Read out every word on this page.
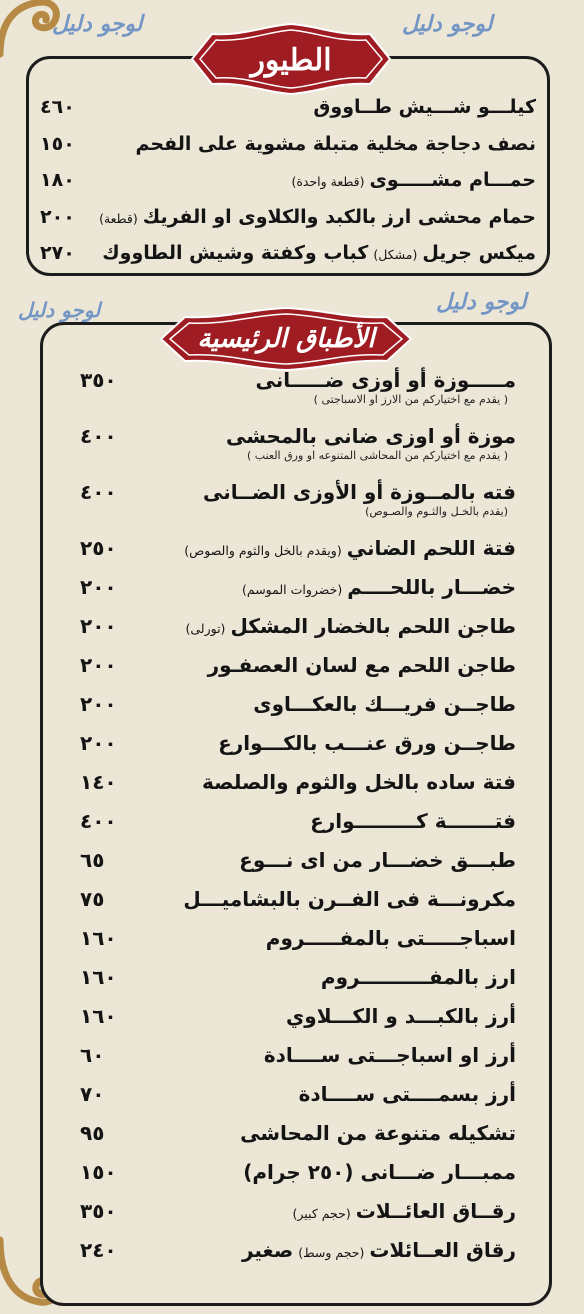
لوجو دليل
لوجو دليل
لوجو دليل
لوجو دليل
الطيور
كيلـــو شـــيش طــاووق
٤٦٠
نصف دجاجة مخلية متبلة مشوية على الفحم
١٥٠
حمـــام مشـــــوى
(قطعة واحدة)
١٨٠
حمام محشى ارز بالكبد والكلاوى او الفريك
(قطعة)
٢٠٠
ميكس جريل
(مشكل)
كباب وكفتة وشيش الطاووك
٢٧٠
الأطباق الرئيسية
مـــــوزة أو أوزى ضـــــانى
( يقدم مع اختياركم من الارز او الاسباجتى )
٣٥٠
موزة أو اوزى ضانى بالمحشى
( يقدم مع اختياركم من المحاشى المتنوعه او ورق العنب )
٤٠٠
فته بالمــوزة أو الأوزى الضــانى
(يقدم بالخـل والثـوم والصـوص)
٤٠٠
فتة اللحم الضاني
(ويقدم بالخل والثوم والصوص)
٢٥٠
خضـــار باللحــــم
(خضروات الموسم)
٢٠٠
طاجن اللحم بالخضار المشكل
(تورلى)
٢٠٠
طاجن اللحم مع لسان العصفـور
٢٠٠
طاجــن فريـــك بالعكـــاوى
٢٠٠
طاجــن ورق عنـــب بالكـــوارع
٢٠٠
فتة ساده بالخل والثوم والصلصة
١٤٠
فتـــــــة كـــــــــوارع
٤٠٠
طبـــق خضـــار من اى نـــوع
٦٥
مكرونـــة فى الفــرن بالبشاميـــل
٧٥
اسباجـــــتى بالمفـــــروم
١٦٠
ارز بالمفــــــــــروم
١٦٠
أرز بالكبـــد و الكـــلاوي
١٦٠
أرز او اسباجـــتى ســــادة
٦٠
أرز بسمــــتى ســــادة
٧٠
تشكيله متنوعة من المحاشى
٩٥
ممبـــار ضـــانى (٢٥٠ جرام)
١٥٠
رقــاق العائــلات
(حجم كبير)
٣٥٠
رقاق العــائلات
(حجم وسط)
صغير
٢٤٠
